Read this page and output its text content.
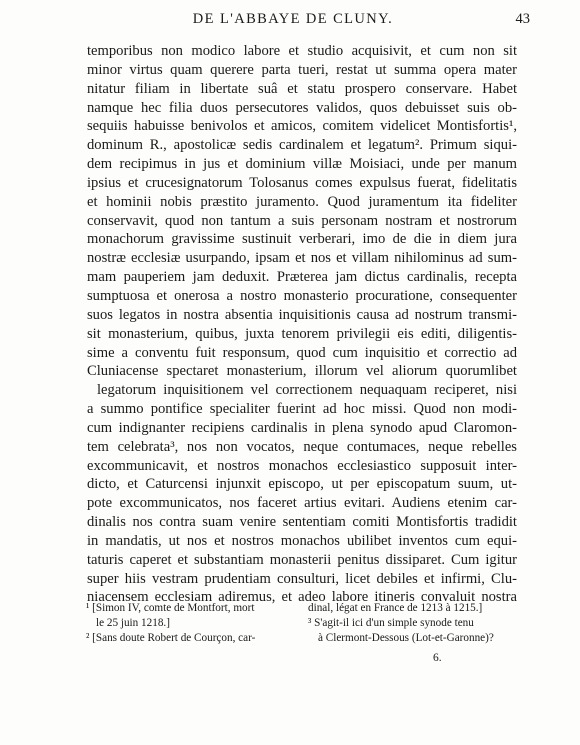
DE L'ABBAYE DE CLUNY.	43
temporibus non modico labore et studio acquisivit, et cum non sit
minor virtus quam querere parta tueri, restat ut summa opera mater
nitatur filiam in libertate suâ et statu prospero conservare. Habet
namque hec filia duos persecutores validos, quos debuisset suis ob-
sequiis habuisse benivolos et amicos, comitem videlicet Montisfortis¹,
dominum R., apostolicæ sedis cardinalem et legatum². Primum siqui-
dem recipimus in jus et dominium villæ Moisiaci, unde per manum
ipsius et crucesignatorum Tolosanus comes expulsus fuerat, fidelitatis
et hominii nobis præstito juramento. Quod juramentum ita fideliter
conservavit, quod non tantum a suis personam nostram et nostrorum
monachorum gravissime sustinuit verberari, imo de die in diem jura
nostræ ecclesiæ usurpando, ipsam et nos et villam nihilominus ad sum-
mam pauperiem jam deduxit. Præterea jam dictus cardinalis, recepta
sumptuosa et onerosa a nostro monasterio procuratione, consequenter
suos legatos in nostra absentia inquisitionis causa ad nostrum transmi-
sit monasterium, quibus, juxta tenorem privilegii eis editi, diligentis-
sime a conventu fuit responsum, quod cum inquisitio et correctio ad
Cluniacense spectaret monasterium, illorum vel aliorum quorumlibet
legatorum inquisitionem vel correctionem nequaquam reciperet, nisi
a summo pontifice specialiter fuerint ad hoc missi. Quod non modi-
cum indignanter recipiens cardinalis in plena synodo apud Claromon-
tem celebrata³, nos non vocatos, neque contumaces, neque rebelles
excommunicavit, et nostros monachos ecclesiastico supposuit inter-
dicto, et Caturcensi injunxit episcopo, ut per episcopatum suum, ut-
pote excommunicatos, nos faceret artius evitari. Audiens etenim car-
dinalis nos contra suam venire sententiam comiti Montisfortis tradidit
in mandatis, ut nos et nostros monachos ubilibet inventos cum equi-
taturis caperet et substantiam monasterii penitus dissiparet. Cum igitur
super hiis vestram prudentiam consulturi, licet debiles et infirmi, Clu-
niacensem ecclesiam adiremus, et adeo labore itineris convaluit nostra
¹ [Simon IV, comte de Montfort, mort
le 25 juin 1218.]
² [Sans doute Robert de Courçon, car-
dinal, légat en France de 1213 à 1215.]
³ S'agit-il ici d'un simple synode tenu
à Clermont-Dessous (Lot-et-Garonne)?
6.
